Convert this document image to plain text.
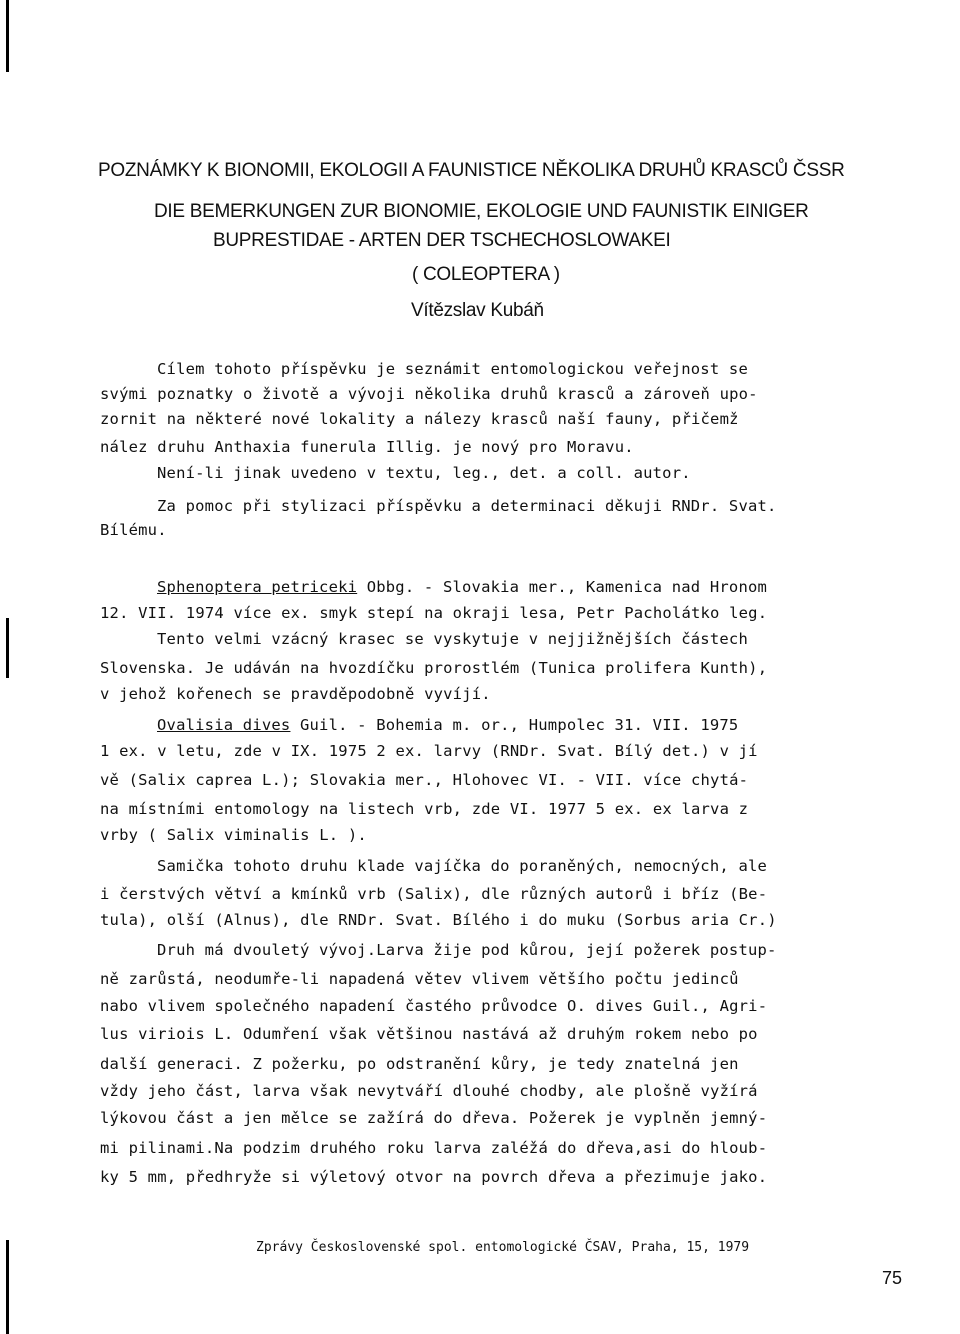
POZNÁMKY K BIONOMII, EKOLOGII A FAUNISTICE NĚKOLIKA DRUHŮ KRASCŮ ČSSR
DIE BEMERKUNGEN ZUR BIONOMIE, EKOLOGIE UND FAUNISTIK EINIGER
BUPRESTIDAE - ARTEN DER TSCHECHOSLOWAKEI
( COLEOPTERA )
Vítězslav Kubáň
Cílem tohoto příspěvku je seznámit entomologickou veřejnost se
svými poznatky o životě a vývoji několika druhů krasců a zároveň upo-
zornit na některé nové lokality a nálezy krasců naší fauny, přičemž
nález druhu Anthaxia funerula Illig. je nový pro Moravu.
Není-li jinak uvedeno v textu, leg., det. a coll. autor.
Za pomoc při stylizaci příspěvku a determinaci děkuji RNDr. Svat.
Bílému.
Sphenoptera petriceki Obbg. - Slovakia mer., Kamenica nad Hronom
12. VII. 1974 více ex. smyk stepí na okraji lesa, Petr Pacholátko leg.
Tento velmi vzácný krasec se vyskytuje v nejjižnějších částech
Slovenska. Je udáván na hvozdíčku prorostlém (Tunica prolifera Kunth),
v jehož kořenech se pravděpodobně vyvíjí.
Ovalisia dives Guil. - Bohemia m. or., Humpolec 31. VII. 1975
1 ex. v letu, zde v IX. 1975 2 ex. larvy (RNDr. Svat. Bílý det.) v jí
vě (Salix caprea L.); Slovakia mer., Hlohovec VI. - VII. více chytá-
na místními entomology na listech vrb, zde VI. 1977 5 ex. ex larva z
vrby ( Salix viminalis L. ).
Samička tohoto druhu klade vajíčka do poraněných, nemocných, ale
i čerstvých větví a kmínků vrb (Salix), dle různých autorů i bříz (Be-
tula), olší (Alnus), dle RNDr. Svat. Bílého i do muku (Sorbus aria Cr.)
Druh má dvouletý vývoj.Larva žije pod kůrou, její požerek postup-
ně zarůstá, neodumře-li napadená větev vlivem většího počtu jedinců
nabo vlivem společného napadení častého průvodce O. dives Guil., Agri-
lus viriois L. Odumření však většinou nastává až druhým rokem nebo po
další generaci. Z požerku, po odstranění kůry, je tedy znatelná jen
vždy jeho část, larva však nevytváří dlouhé chodby, ale plošně vyžírá
lýkovou část a jen mělce se zažírá do dřeva. Požerek je vyplněn jemný-
mi pilinami.Na podzim druhého roku larva zaléžá do dřeva,asi do hloub-
ky 5 mm, předhryže si výletový otvor na povrch dřeva a přezimuje jako.
Zprávy Československé spol. entomologické ČSAV, Praha, 15, 1979
75
